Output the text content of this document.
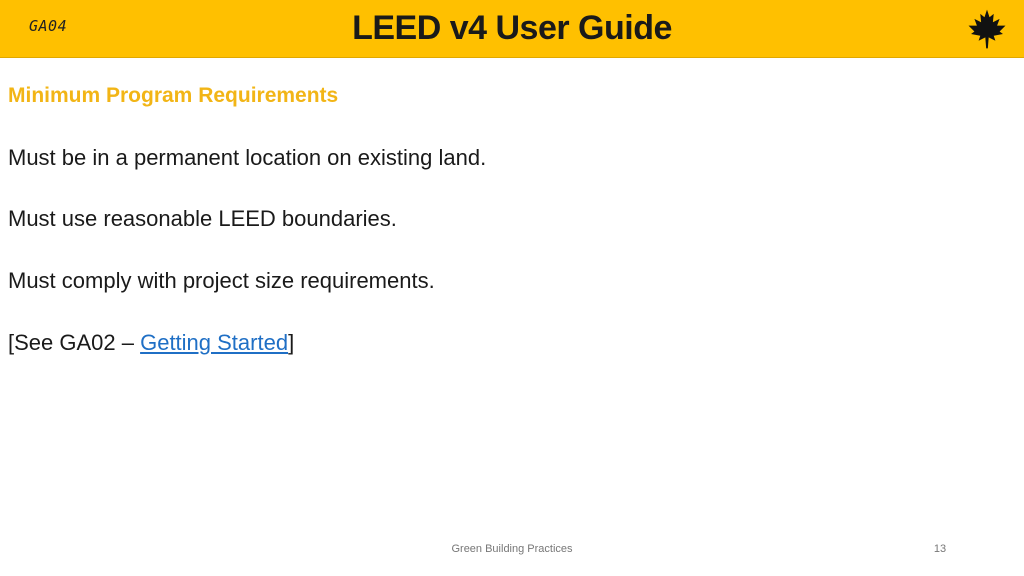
GA04	LEED v4 User Guide
Minimum Program Requirements
Must be in a permanent location on existing land.
Must use reasonable LEED boundaries.
Must comply with project size requirements.
[See GA02 – Getting Started]
Green Building Practices	13
